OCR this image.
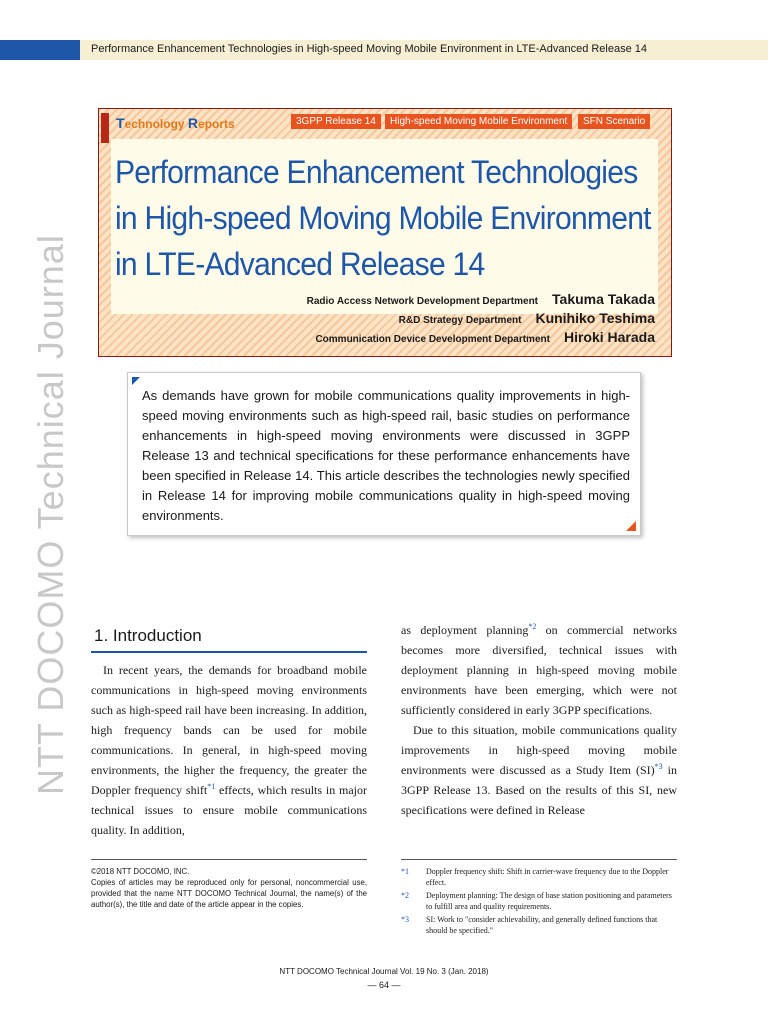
Performance Enhancement Technologies in High-speed Moving Mobile Environment in LTE-Advanced Release 14
NTT DOCOMO Technical Journal
Technology Reports	3GPP Release 14	High-speed Moving Mobile Environment	SFN Scenario
Performance Enhancement Technologies
in High-speed Moving Mobile Environment
in LTE-Advanced Release 14
Radio Access Network Development Department Takuma Takada
R&D Strategy Department Kunihiko Teshima
Communication Device Development Department Hiroki Harada
As demands have grown for mobile communications quality improvements in high-speed moving environments such as high-speed rail, basic studies on performance enhancements in high-speed moving environments were discussed in 3GPP Release 13 and technical specifications for these performance enhancements have been specified in Release 14. This article describes the technologies newly specified in Release 14 for improving mobile communications quality in high-speed moving environments.
1. Introduction
In recent years, the demands for broadband mobile communications in high-speed moving environments such as high-speed rail have been increasing. In addition, high frequency bands can be used for mobile communications. In general, in high-speed moving environments, the higher the frequency, the greater the Doppler frequency shift$^{*1}$ effects, which results in major technical issues to ensure mobile communications quality. In addition,
as deployment planning$^{*2}$ on commercial networks becomes more diversified, technical issues with deployment planning in high-speed moving mobile environments have been emerging, which were not sufficiently considered in early 3GPP specifications.
Due to this situation, mobile communications quality improvements in high-speed moving mobile environments were discussed as a Study Item (SI)$^{*3}$ in 3GPP Release 13. Based on the results of this SI, new specifications were defined in Release
©2018 NTT DOCOMO, INC.
Copies of articles may be reproduced only for personal, noncommercial use, provided that the name NTT DOCOMO Technical Journal, the name(s) of the author(s), the title and date of the article appear in the copies.
*1 Doppler frequency shift: Shift in carrier-wave frequency due to the Doppler effect.
*2 Deployment planning: The design of base station positioning and parameters to fulfill area and quality requirements.
*3 SI: Work to "consider achievability, and generally defined functions that should be specified."
NTT DOCOMO Technical Journal Vol. 19 No. 3 (Jan. 2018)
― 64 ―
